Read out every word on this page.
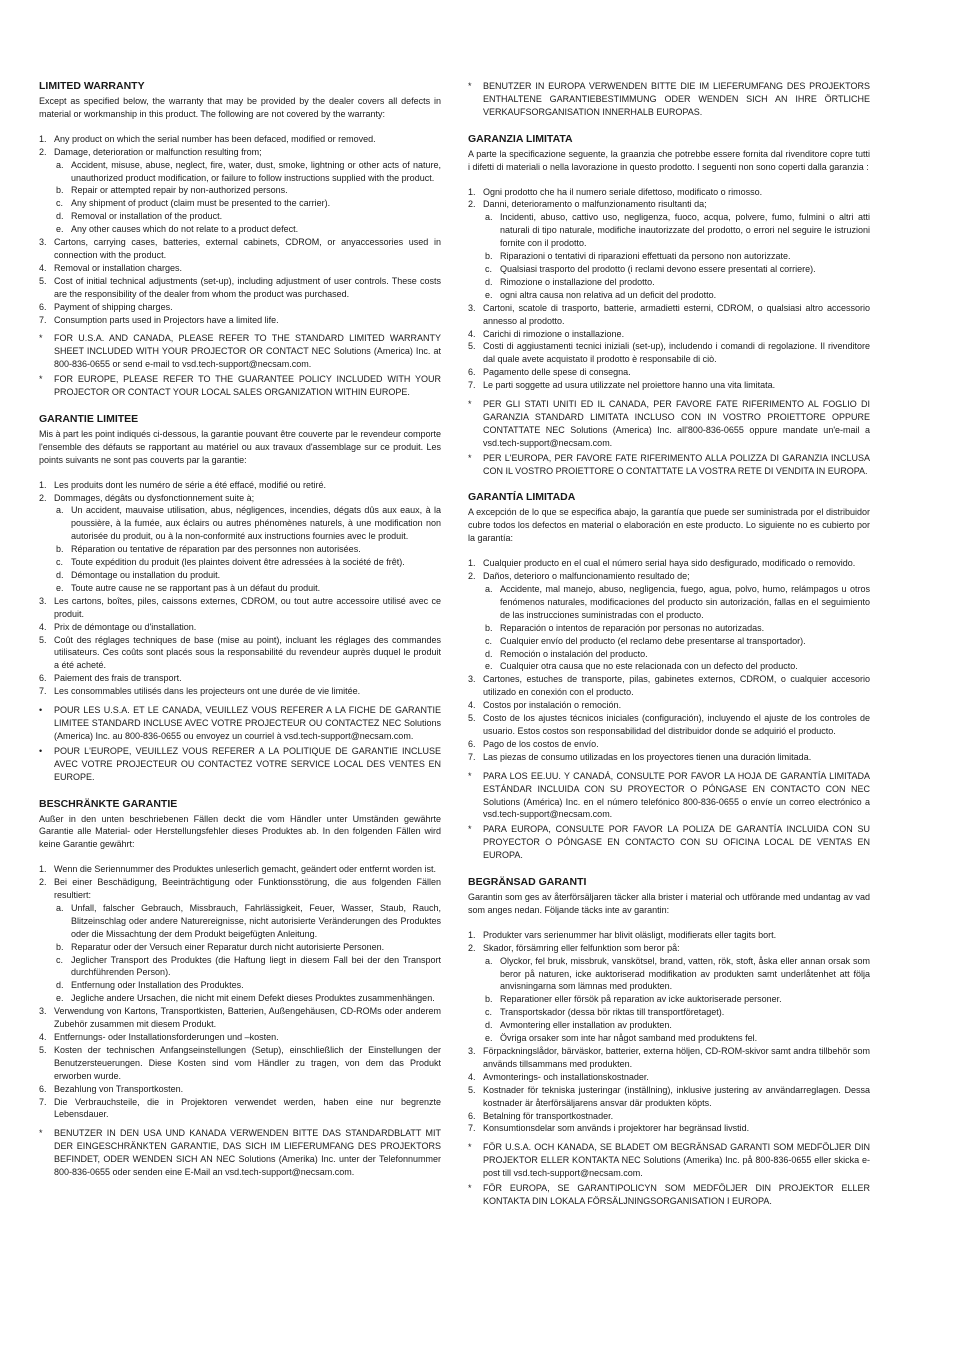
LIMITED WARRANTY

Except as specified below, the warranty that may be provided by the dealer covers all defects in material or workmanship in this product. The following are not covered by the warranty:

1. Any product on which the serial number has been defaced, modified or removed.
2. Damage, deterioration or malfunction resulting from;
a. Accident, misuse, abuse, neglect, fire, water, dust, smoke, lightning or other acts of nature, unauthorized product modification, or failure to follow instructions supplied with the product.
b. Repair or attempted repair by non-authorized persons.
c. Any shipment of product (claim must be presented to the carrier).
d. Removal or installation of the product.
e. Any other causes which do not relate to a product defect.
3. Cartons, carrying cases, batteries, external cabinets, CDROM, or anyaccessories used in connection with the product.
4. Removal or installation charges.
5. Cost of initial technical adjustments (set-up), including adjustment of user controls. These costs are the responsibility of the dealer from whom the product was purchased.
6. Payment of shipping charges.
7. Consumption parts used in Projectors have a limited life.
* FOR U.S.A. AND CANADA, PLEASE REFER TO THE STANDARD LIMITED WARRANTY SHEET INCLUDED WITH YOUR PROJECTOR OR CONTACT NEC Solutions (America) Inc. at 800-836-0655 or send e-mail to vsd.tech-support@necsam.com.
* FOR EUROPE, PLEASE REFER TO THE GUARANTEE POLICY INCLUDED WITH YOUR PROJECTOR OR CONTACT YOUR LOCAL SALES ORGANIZATION WITHIN EUROPE.
GARANTIE LIMITEE

Mis à part les point indiqués ci-dessous, la garantie pouvant être couverte par le revendeur comporte l'ensemble des défauts se rapportant au matériel ou aux travaux d'assemblage sur ce produit. Les points suivants ne sont pas couverts par la garantie:

1. Les produits dont les numéro de série a été effacé, modifié ou retiré.
2. Dommages, dégâts ou dysfonctionnement suite à;
a. Un accident, mauvaise utilisation, abus, négligences, incendies, dégats dûs aux eaux, à la poussière, à la fumée, aux éclairs ou autres phénomènes naturels, à une modification non autorisée du produit, ou à la non-conformité aux instructions fournies avec le produit.
b. Réparation ou tentative de réparation par des personnes non autorisées.
c. Toute expédition du produit (les plaintes doivent être adressées à la société de frêt).
d. Démontage ou installation du produit.
e. Toute autre cause ne se rapportant pas à un défaut du produit.
3. Les cartons, boîtes, piles, caissons externes, CDROM, ou tout autre accessoire utilisé avec ce produit.
4. Prix de démontage ou d'installation.
5. Coût des réglages techniques de base (mise au point), incluant les réglages des commandes utilisateurs. Ces coûts sont placés sous la responsabilité du revendeur auprès duquel le produit a été acheté.
6. Paiement des frais de transport.
7. Les consommables utilisés dans les projecteurs ont une durée de vie limitée.
• POUR LES U.S.A. ET LE CANADA, VEUILLEZ VOUS REFERER A LA FICHE DE GARANTIE LIMITEE STANDARD INCLUSE AVEC VOTRE PROJECTEUR OU CONTACTEZ NEC Solutions (America) Inc. au 800-836-0655 ou envoyez un courriel à vsd.tech-support@necsam.com.
• POUR L'EUROPE, VEUILLEZ VOUS REFERER A LA POLITIQUE DE GARANTIE INCLUSE AVEC VOTRE PROJECTEUR OU CONTACTEZ VOTRE SERVICE LOCAL DES VENTES EN EUROPE.
BESCHRÄNKTE GARANTIE

Außer in den unten beschriebenen Fällen deckt die vom Händler unter Umständen gewährte Garantie alle Material- oder Herstellungsfehler dieses Produktes ab. In den folgenden Fällen wird keine Garantie gewährt:

1. Wenn die Seriennummer des Produktes unleserlich gemacht, geändert oder entfernt worden ist.
2. Bei einer Beschädigung, Beeinträchtigung oder Funktionsstörung, die aus folgenden Fällen resultiert:
a. Unfall, falscher Gebrauch, Missbrauch, Fahrlässigkeit, Feuer, Wasser, Staub, Rauch, Blitzeinschlag oder andere Naturereignisse, nicht autorisierte Veränderungen des Produktes oder die Missachtung der dem Produkt beigefügten Anleitung.
b. Reparatur oder der Versuch einer Reparatur durch nicht autorisierte Personen.
c. Jeglicher Transport des Produktes (die Haftung liegt in diesem Fall bei der den Transport durchführenden Person).
d. Entfernung oder Installation des Produktes.
e. Jegliche andere Ursachen, die nicht mit einem Defekt dieses Produktes zusammenhängen.
3. Verwendung von Kartons, Transportkisten, Batterien, Außengehäusen, CD-ROMs oder anderem Zubehör zusammen mit diesem Produkt.
4. Entfernungs- oder Installationsforderungen und –kosten.
5. Kosten der technischen Anfangseinstellungen (Setup), einschließlich der Einstellungen der Benutzersteuerungen. Diese Kosten sind vom Händler zu tragen, von dem das Produkt erworben wurde.
6. Bezahlung von Transportkosten.
7. Die Verbrauchsteile, die in Projektoren verwendet werden, haben eine nur begrenzte Lebensdauer.
* BENUTZER IN DEN USA UND KANADA VERWENDEN BITTE DAS STANDARDBLATT MIT DER EINGESCHRÄNKTEN GARANTIE, DAS SICH IM LIEFERUMFANG DES PROJEKTORS BEFINDET, ODER WENDEN SICH AN NEC Solutions (Amerika) Inc. unter der Telefonnummer 800-836-0655 oder senden eine E-Mail an vsd.tech-support@necsam.com.
* BENUTZER IN EUROPA VERWENDEN BITTE DIE IM LIEFERUMFANG DES PROJEKTORS ENTHALTENE GARANTIEBESTIMMUNG ODER WENDEN SICH AN IHRE ÖRTLICHE VERKAUFSORGANISATION INNERHALB EUROPAS.
GARANZIA LIMITATA

A parte la specificazione seguente, la graanzia che potrebbe essere fornita dal rivenditore copre tutti i difetti di materiali o nella lavorazione in questo prodotto. I seguenti non sono coperti dalla garanzia :

1. Ogni prodotto che ha il numero seriale difettoso, modificato o rimosso.
2. Danni, deterioramento o malfunzionamento risultanti da;
a. Incidenti, abuso, cattivo uso, negligenza, fuoco, acqua, polvere, fumo, fulmini o altri atti naturali di tipo naturale, modifiche inautorizzate del prodotto, o errori nel seguire le istruzioni fornite con il prodotto.
b. Riparazioni o tentativi di riparazioni effettuati da persono non autorizzate.
c. Qualsiasi trasporto del prodotto (i reclami devono essere presentati al corriere).
d. Rimozione o installazione del prodotto.
e. ogni altra causa non relativa ad un deficit del prodotto.
3. Cartoni, scatole di trasporto, batterie, armadietti esterni, CDROM, o qualsiasi altro accessorio annesso al prodotto.
4. Carichi di rimozione o installazione.
5. Costi di aggiustamenti tecnici iniziali (set-up), includendo i comandi di regolazione. Il rivenditore dal quale avete acquistato il prodotto è responsabile di ciò.
6. Pagamento delle spese di consegna.
7. Le parti soggette ad usura utilizzate nel proiettore hanno una vita limitata.
* PER GLI STATI UNITI ED IL CANADA, PER FAVORE FATE RIFERIMENTO AL FOGLIO DI GARANZIA STANDARD LIMITATA INCLUSO CON IN VOSTRO PROIETTORE OPPURE CONTATTATE NEC Solutions (America) Inc. all'800-836-0655 oppure mandate un'e-mail a vsd.tech-support@necsam.com.
* PER L'EUROPA, PER FAVORE FATE RIFERIMENTO ALLA POLIZZA DI GARANZIA INCLUSA CON IL VOSTRO PROIETTORE O CONTATTATE LA VOSTRA RETE DI VENDITA IN EUROPA.
GARANTÍA LIMITADA

A excepción de lo que se especifica abajo, la garantía que puede ser suministrada por el distribuidor cubre todos los defectos en material o elaboración en este producto. Lo siguiente no es cubierto por la garantía:

1. Cualquier producto en el cual el número serial haya sido desfigurado, modificado o removido.
2. Daños, deterioro o malfuncionamiento resultado de;
a. Accidente, mal manejo, abuso, negligencia, fuego, agua, polvo, humo, relámpagos u otros fenómenos naturales, modificaciones del producto sin autorización, fallas en el seguimiento de las instrucciones suministradas con el producto.
b. Reparación o intentos de reparación por personas no autorizadas.
c. Cualquier envío del producto (el reclamo debe presentarse al transportador).
d. Remoción o instalación del producto.
e. Cualquier otra causa que no este relacionada con un defecto del producto.
3. Cartones, estuches de transporte, pilas, gabinetes externos, CDROM, o cualquier accesorio utilizado en conexión con el producto.
4. Costos por instalación o remoción.
5. Costo de los ajustes técnicos iniciales (configuración), incluyendo el ajuste de los controles de usuario. Estos costos son responsabilidad del distribuidor donde se adquirió el producto.
6. Pago de los costos de envío.
7. Las piezas de consumo utilizadas en los proyectores tienen una duración limitada.
* PARA LOS EE.UU. Y CANADÁ, CONSULTE POR FAVOR LA HOJA DE GARANTÍA LIMITADA ESTÁNDAR INCLUIDA CON SU PROYECTOR O PÓNGASE EN CONTACTO CON NEC Solutions (América) Inc. en el número telefónico 800-836-0655 o envíe un correo electrónico a vsd.tech-support@necsam.com.
* PARA EUROPA, CONSULTE POR FAVOR LA POLIZA DE GARANTÍA INCLUIDA CON SU PROYECTOR O PÓNGASE EN CONTACTO CON SU OFICINA LOCAL DE VENTAS EN EUROPA.
BEGRÄNSAD GARANTI

Garantin som ges av återförsäljaren täcker alla brister i material och utförande med undantag av vad som anges nedan. Följande täcks inte av garantin:

1. Produkter vars serienummer har blivit oläsligt, modifierats eller tagits bort.
2. Skador, försämring eller felfunktion som beror på:
a. Olyckor, fel bruk, missbruk, vanskötsel, brand, vatten, rök, stoft, åska eller annan orsak som beror på naturen, icke auktoriserad modifikation av produkten samt underlåtenhet att följa anvisningarna som lämnas med produkten.
b. Reparationer eller försök på reparation av icke auktoriserade personer.
c. Transportskador (dessa bör riktas till transportföretaget).
d. Avmontering eller installation av produkten.
e. Övriga orsaker som inte har något samband med produktens fel.
3. Förpackningslådor, bärväskor, batterier, externa höljen, CD-ROM-skivor samt andra tillbehör som används tillsammans med produkten.
4. Avmonterings- och installationskostnader.
5. Kostnader för tekniska justeringar (inställning), inklusive justering av användarreglagen. Dessa kostnader är återförsäljarens ansvar där produkten köpts.
6. Betalning för transportkostnader.
7. Konsumtionsdelar som används i projektorer har begränsad livstid.
* FÖR U.S.A. OCH KANADA, SE BLADET OM BEGRÄNSAD GARANTI SOM MEDFÖLJER DIN PROJEKTOR ELLER KONTAKTA NEC Solutions (Amerika) Inc. på 800-836-0655 eller skicka e-post till vsd.tech-support@necsam.com.
* FÖR EUROPA, SE GARANTIPOLICYN SOM MEDFÖLJER DIN PROJEKTOR ELLER KONTAKTA DIN LOKALA FÖRSÄLJNINGSORGANISATION I EUROPA.
